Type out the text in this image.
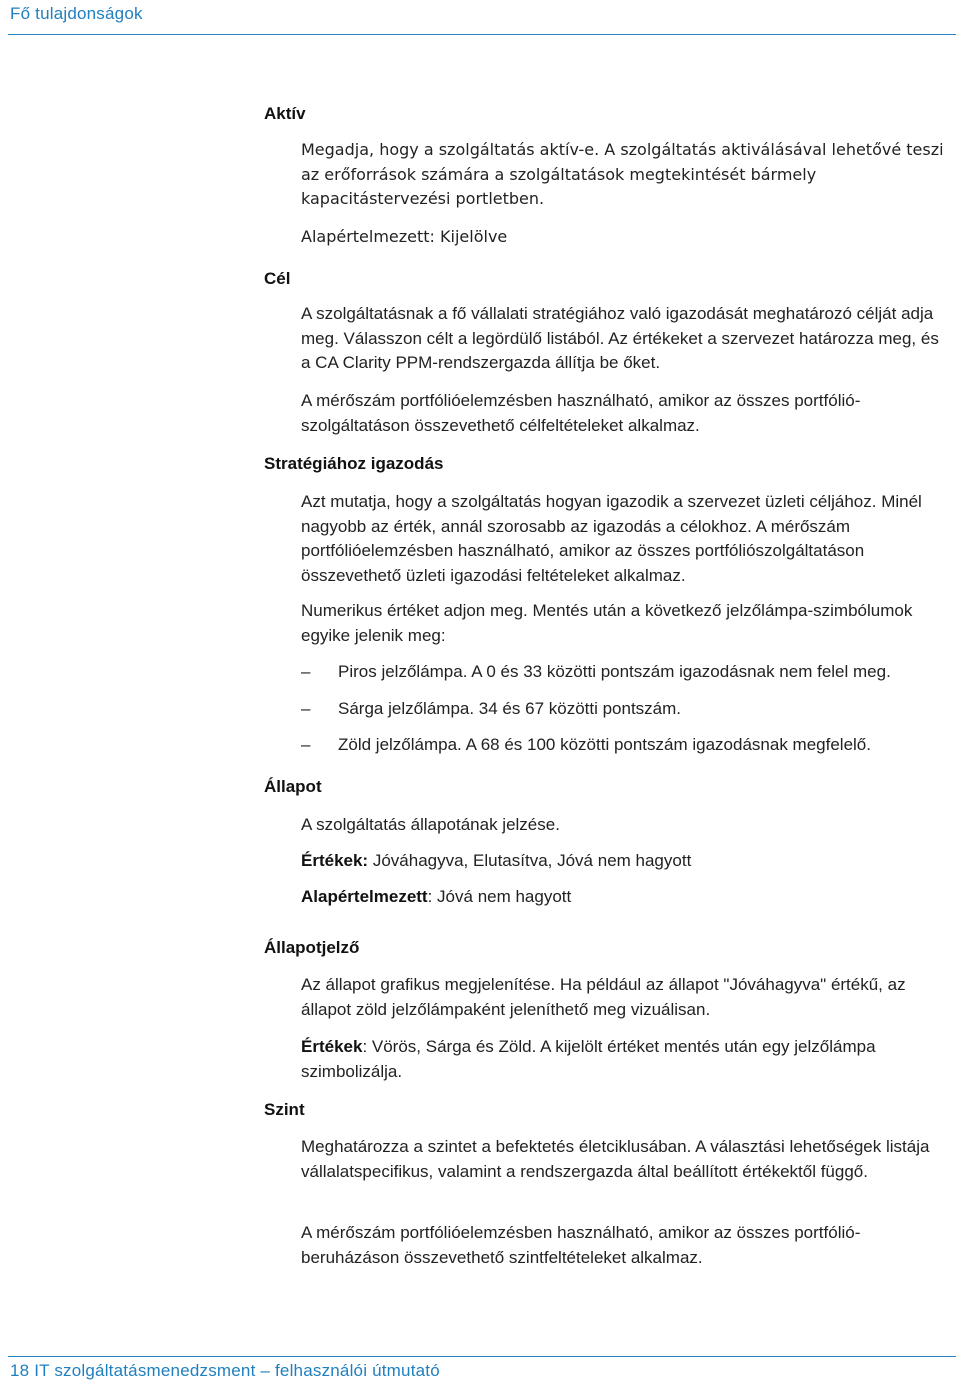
Fő tulajdonságok
Aktív
Megadja, hogy a szolgáltatás aktív-e. A szolgáltatás aktiválásával lehetővé teszi az erőforrások számára a szolgáltatások megtekintését bármely kapacitástervezési portletben.
Alapértelmezett: Kijelölve
Cél
A szolgáltatásnak a fő vállalati stratégiához való igazodását meghatározó célját adja meg. Válasszon célt a legördülő listából. Az értékeket a szervezet határozza meg, és a CA Clarity PPM-rendszergazda állítja be őket.
A mérőszám portfólióelemzésben használható, amikor az összes portfóliószolgáltatáson összevethető célfeltételeket alkalmaz.
Stratégiához igazodás
Azt mutatja, hogy a szolgáltatás hogyan igazodik a szervezet üzleti céljához. Minél nagyobb az érték, annál szorosabb az igazodás a célokhoz. A mérőszám portfólióelemzésben használható, amikor az összes portfóliószolgáltatáson összevethető üzleti igazodási feltételeket alkalmaz.
Numerikus értéket adjon meg. Mentés után a következő jelzőlámpa-szimbólumok egyike jelenik meg:
‒	Piros jelzőlámpa. A 0 és 33 közötti pontszám igazodásnak nem felel meg.
‒	Sárga jelzőlámpa. 34 és 67 közötti pontszám.
‒	Zöld jelzőlámpa. A 68 és 100 közötti pontszám igazodásnak megfelelő.
Állapot
A szolgáltatás állapotának jelzése.
Értékek: Jóváhagyva, Elutasítva, Jóvá nem hagyott
Alapértelmezett: Jóvá nem hagyott
Állapotjelző
Az állapot grafikus megjelenítése. Ha például az állapot "Jóváhagyva" értékű, az állapot zöld jelzőlámpaként jeleníthető meg vizuálisan.
Értékek: Vörös, Sárga és Zöld. A kijelölt értéket mentés után egy jelzőlámpa szimbolizálja.
Szint
Meghatározza a szintet a befektetés életciklusában. A választási lehetőségek listája vállalatspecifikus, valamint a rendszergazda által beállított értékektől függő.
A mérőszám portfólióelemzésben használható, amikor az összes portfólióberuházáson összevethető szintfeltételeket alkalmaz.
18 IT szolgáltatásmenedzsment – felhasználói útmutató
